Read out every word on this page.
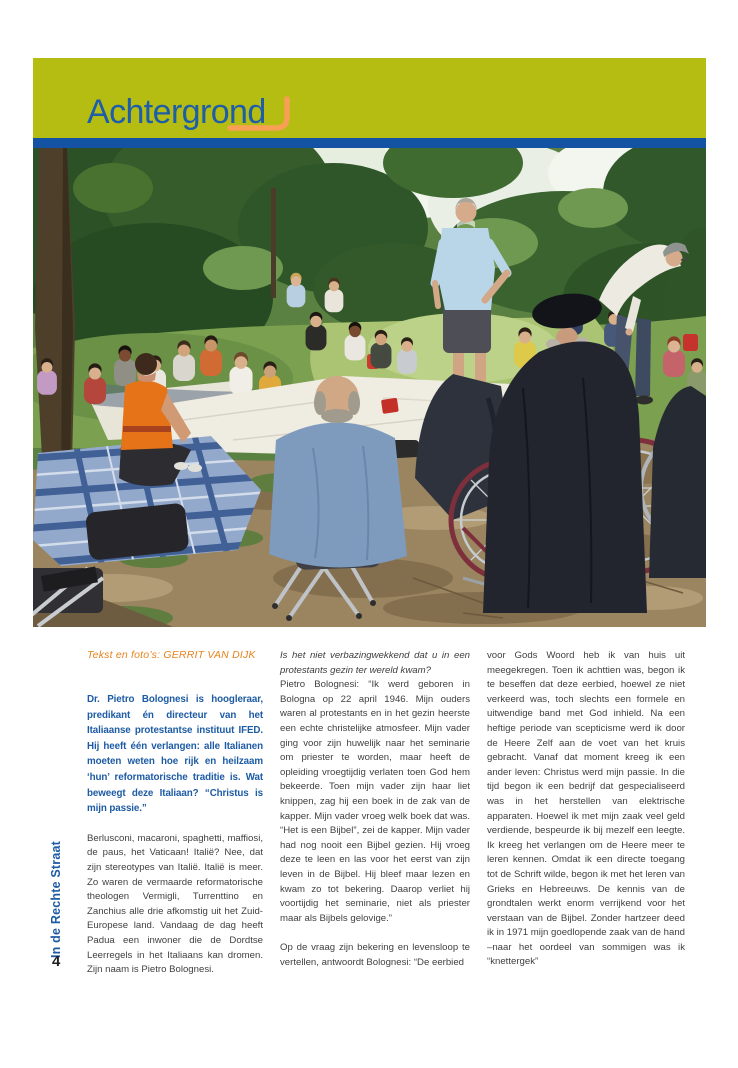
Achtergrond

Tekst en foto’s: GERRIT VAN DIJK

Dr. Pietro Bolognesi is hoogleraar, predikant én directeur van het Italiaanse protestantse instituut IFED. Hij heeft één verlangen: alle Italianen moeten weten hoe rijk en heilzaam ‘hun’ reformatorische traditie is. Wat beweegt deze Italiaan? “Christus is mijn passie.”

Berlusconi, macaroni, spaghetti, maffiosi, de paus, het Vaticaan! Italië? Nee, dat zijn stereotypes van Italië. Italië is meer. Zo waren de vermaarde reformatorische theologen Vermigli, Turrenttino en Zanchius alle drie afkomstig uit het Zuid-Europese land. Vandaag de dag heeft Padua een inwoner die de Dordtse Leerregels in het Italiaans kan dromen. Zijn naam is Pietro Bolognesi.

Is het niet verbazingwekkend dat u in een protestants gezin ter wereld kwam?

Pietro Bolognesi: “Ik werd geboren in Bologna op 22 april 1946. Mijn ouders waren al protestants en in het gezin heerste een echte christelijke atmosfeer. Mijn vader ging voor zijn huwelijk naar het seminarie om priester te worden, maar heeft de opleiding vroegtijdig verlaten toen God hem bekeerde. Toen mijn vader zijn haar liet knippen, zag hij een boek in de zak van de kapper. Mijn vader vroeg welk boek dat was. “Het is een Bijbel”, zei de kapper. Mijn vader had nog nooit een Bijbel gezien. Hij vroeg deze te leen en las voor het eerst van zijn leven in de Bijbel. Hij bleef maar lezen en kwam zo tot bekering. Daarop verliet hij voortijdig het seminarie, niet als priester maar als Bijbels gelovige.”

Op de vraag zijn bekering en levensloop te vertellen, antwoordt Bolognesi: “De eerbied

voor Gods Woord heb ik van huis uit meegekregen. Toen ik achttien was, begon ik te beseffen dat deze eerbied, hoewel ze niet verkeerd was, toch slechts een formele en uitwendige band met God inhield. Na een heftige periode van scepticisme werd ik door de Heere Zelf aan de voet van het kruis gebracht. Vanaf dat moment kreeg ik een ander leven: Christus werd mijn passie. In die tijd begon ik een bedrijf dat gespecialiseerd was in het herstellen van elektrische apparaten. Hoewel ik met mijn zaak veel geld verdiende, bespeurde ik bij mezelf een leegte. Ik kreeg het verlangen om de Heere meer te leren kennen. Omdat ik een directe toegang tot de Schrift wilde, begon ik met het leren van Grieks en Hebreeuws. De kennis van de grondtalen werkt enorm verrijkend voor het verstaan van de Bijbel. Zonder hartzeer deed ik in 1971 mijn goedlopende zaak van de hand –naar het oordeel van sommigen was ik “knettergek”

In de Rechte Straat
4
